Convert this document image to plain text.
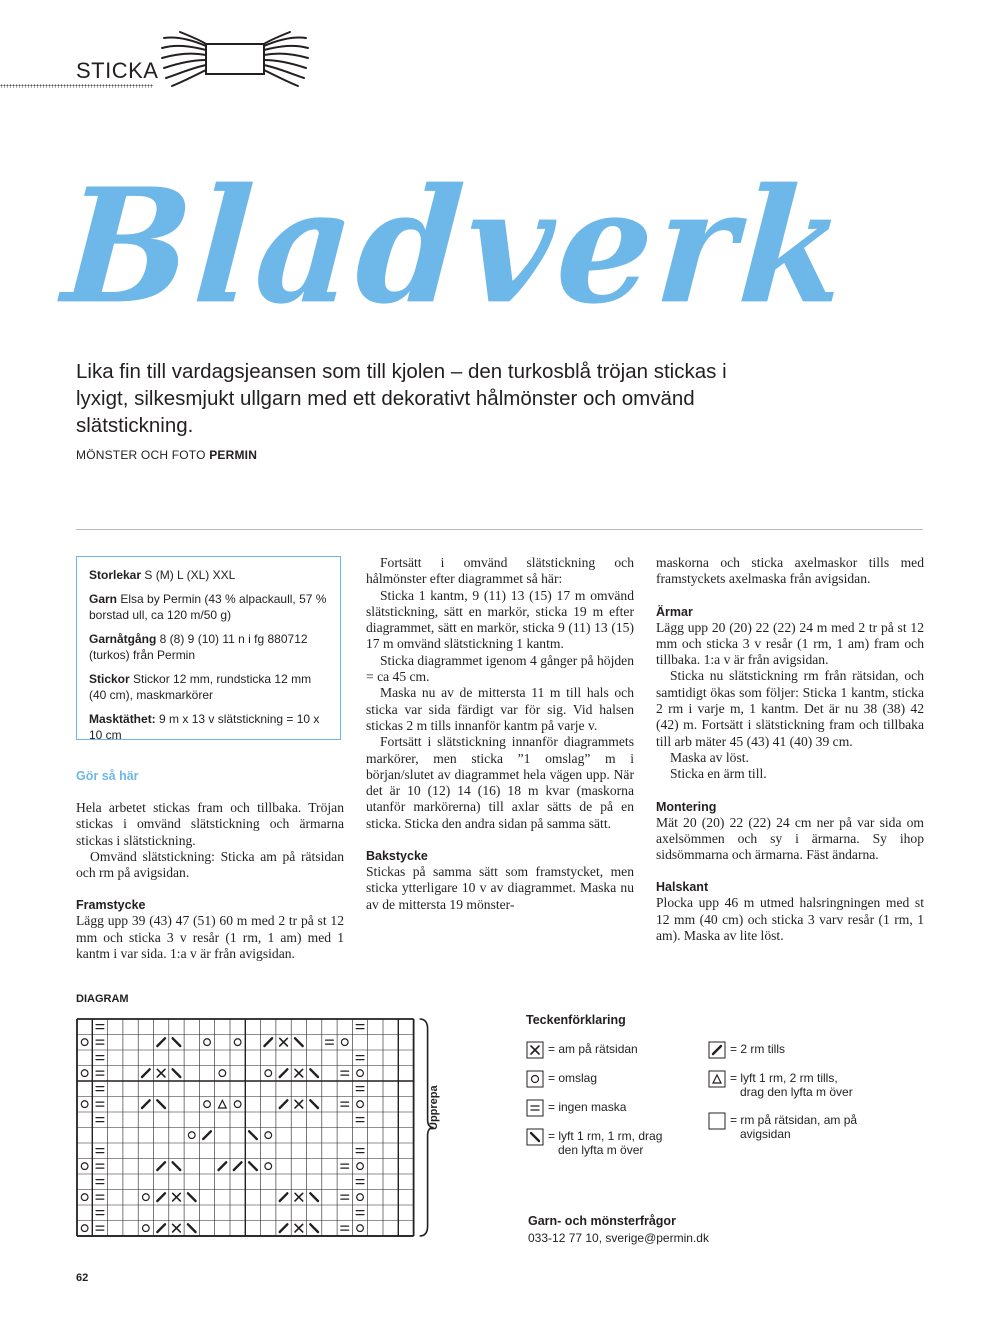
STICKA
Bladverk
Lika fin till vardagsjeansen som till kjolen – den turkosblå tröjan stickas i lyxigt, silkesmjukt ullgarn med ett dekorativt hålmönster och omvänd slätstickning.
MÖNSTER OCH FOTO PERMIN

Storlekar S (M) L (XL) XXL

Garn Elsa by Permin (43 % alpackaull, 57 % borstad ull, ca 120 m/50 g)

Garnåtgång 8 (8) 9 (10) 11 n i fg 880712 (turkos) från Permin

Stickor Stickor 12 mm, rundsticka 12 mm (40 cm), maskmarkörer

Masktäthet: 9 m x 13 v slätstickning = 10 x 10 cm

Gör så här

Hela arbetet stickas fram och tillbaka. Tröjan stickas i omvänd slätstickning och ärmarna stickas i slätstickning.

Omvänd slätstickning: Sticka am på rätsidan och rm på avigsidan.

Framstycke

Lägg upp 39 (43) 47 (51) 60 m med 2 tr på st 12 mm och sticka 3 v resår (1 rm, 1 am) med 1 kantm i var sida. 1:a v är från avigsidan.

Fortsätt i omvänd slätstickning och hålmönster efter diagrammet så här:

Sticka 1 kantm, 9 (11) 13 (15) 17 m omvänd slätstickning, sätt en markör, sticka 19 m efter diagrammet, sätt en markör, sticka 9 (11) 13 (15) 17 m omvänd slätstickning 1 kantm.

Sticka diagrammet igenom 4 gånger på höjden = ca 45 cm.

Maska nu av de mittersta 11 m till hals och sticka var sida färdigt var för sig. Vid halsen stickas 2 m tills innanför kantm på varje v.

Fortsätt i slätstickning innanför diagrammets markörer, men sticka ”1 omslag” m i början/slutet av diagrammet hela vägen upp. När det är 10 (12) 14 (16) 18 m kvar (maskorna utanför markörerna) till axlar sätts de på en sticka. Sticka den andra sidan på samma sätt.

Bakstycke

Stickas på samma sätt som framstycket, men sticka ytterligare 10 v av diagrammet. Maska nu av de mittersta 19 mönster-

maskorna och sticka axelmaskor tills med framstyckets axelmaska från avigsidan.

Ärmar

Lägg upp 20 (20) 22 (22) 24 m med 2 tr på st 12 mm och sticka 3 v resår (1 rm, 1 am) fram och tillbaka. 1:a v är från avigsidan.

Sticka nu slätstickning rm från rätsidan, och samtidigt ökas som följer: Sticka 1 kantm, sticka 2 rm i varje m, 1 kantm. Det är nu 38 (38) 42 (42) m. Fortsätt i slätstickning fram och tillbaka till arb mäter 45 (43) 41 (40) 39 cm.

Maska av löst.

Sticka en ärm till.

Montering

Mät 20 (20) 22 (22) 24 cm ner på var sida om axelsömmen och sy i ärmarna. Sy ihop sidsömmarna och ärmarna. Fäst ändarna.

Halskant

Plocka upp 46 m utmed halsringningen med st 12 mm (40 cm) och sticka 3 varv resår (1 rm, 1 am). Maska av lite löst.

DIAGRAM
Upprepa
Teckenförklaring
= am på rätsidan
= omslag
= ingen maska
= lyft 1 rm, 1 rm, drag
den lyfta m över
= 2 rm tills
= lyft 1 rm, 2 rm tills,
drag den lyfta m över
= rm på rätsidan, am på
avigsidan
Garn- och mönsterfrågor
033-12 77 10, sverige@permin.dk
62
